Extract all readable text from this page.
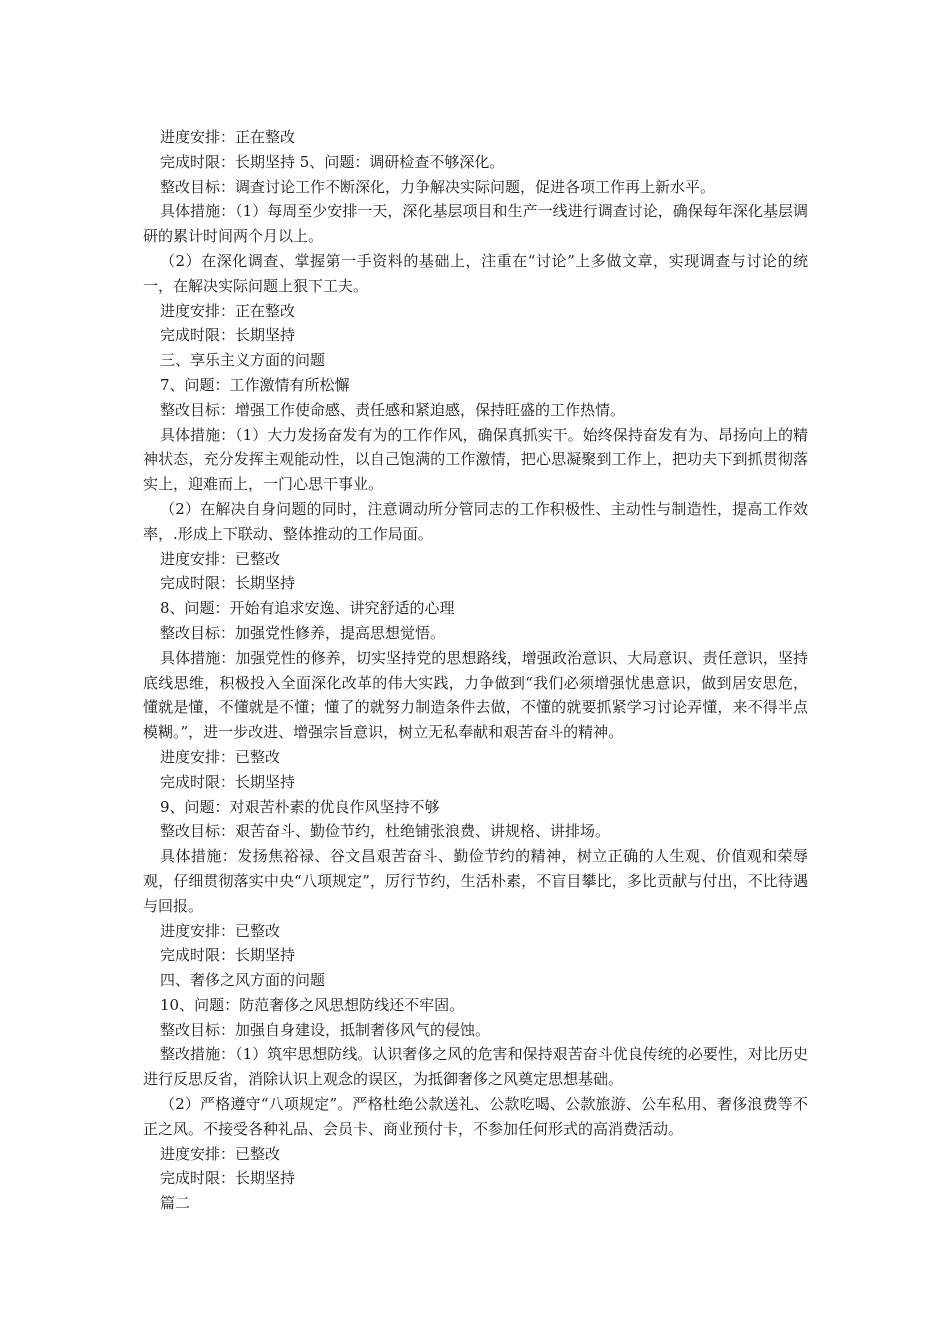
进度安排：正在整改

完成时限：长期坚持 5、问题：调研检查不够深化。

整改目标：调查讨论工作不断深化，力争解决实际问题，促进各项工作再上新水平。

具体措施：（1）每周至少安排一天，深化基层项目和生产一线进行调查讨论，确保每年深化基层调研的累计时间两个月以上。

（2）在深化调查、掌握第一手资料的基础上，注重在“讨论”上多做文章，实现调查与讨论的统一，在解决实际问题上狠下工夫。

进度安排：正在整改

完成时限：长期坚持

三、享乐主义方面的问题

7、问题：工作激情有所松懈

整改目标：增强工作使命感、责任感和紧迫感，保持旺盛的工作热情。

具体措施：（1）大力发扬奋发有为的工作作风，确保真抓实干。始终保持奋发有为、昂扬向上的精神状态，充分发挥主观能动性，以自己饱满的工作激情，把心思凝聚到工作上，把功夫下到抓贯彻落实上，迎难而上，一门心思干事业。

（2）在解决自身问题的同时，注意调动所分管同志的工作积极性、主动性与制造性，提高工作效率，.形成上下联动、整体推动的工作局面。

进度安排：已整改

完成时限：长期坚持

8、问题：开始有追求安逸、讲究舒适的心理

整改目标：加强党性修养，提高思想觉悟。

具体措施：加强党性的修养，切实坚持党的思想路线，增强政治意识、大局意识、责任意识，坚持底线思维，积极投入全面深化改革的伟大实践，力争做到“我们必须增强忧患意识，做到居安思危，懂就是懂，不懂就是不懂；懂了的就努力制造条件去做，不懂的就要抓紧学习讨论弄懂，来不得半点模糊。”，进一步改进、增强宗旨意识，树立无私奉献和艰苦奋斗的精神。

进度安排：已整改

完成时限：长期坚持

9、问题：对艰苦朴素的优良作风坚持不够

整改目标：艰苦奋斗、勤俭节约，杜绝铺张浪费、讲规格、讲排场。

具体措施：发扬焦裕禄、谷文昌艰苦奋斗、勤俭节约的精神，树立正确的人生观、价值观和荣辱观，仔细贯彻落实中央“八项规定”，厉行节约，生活朴素，不盲目攀比，多比贡献与付出，不比待遇与回报。

进度安排：已整改

完成时限：长期坚持

四、奢侈之风方面的问题

10、问题：防范奢侈之风思想防线还不牢固。

整改目标：加强自身建设，抵制奢侈风气的侵蚀。

整改措施：（1）筑牢思想防线。认识奢侈之风的危害和保持艰苦奋斗优良传统的必要性，对比历史进行反思反省，消除认识上观念的误区，为抵御奢侈之风奠定思想基础。

（2）严格遵守“八项规定”。严格杜绝公款送礼、公款吃喝、公款旅游、公车私用、奢侈浪费等不正之风。不接受各种礼品、会员卡、商业预付卡，不参加任何形式的高消费活动。

进度安排：已整改

完成时限：长期坚持

篇二
